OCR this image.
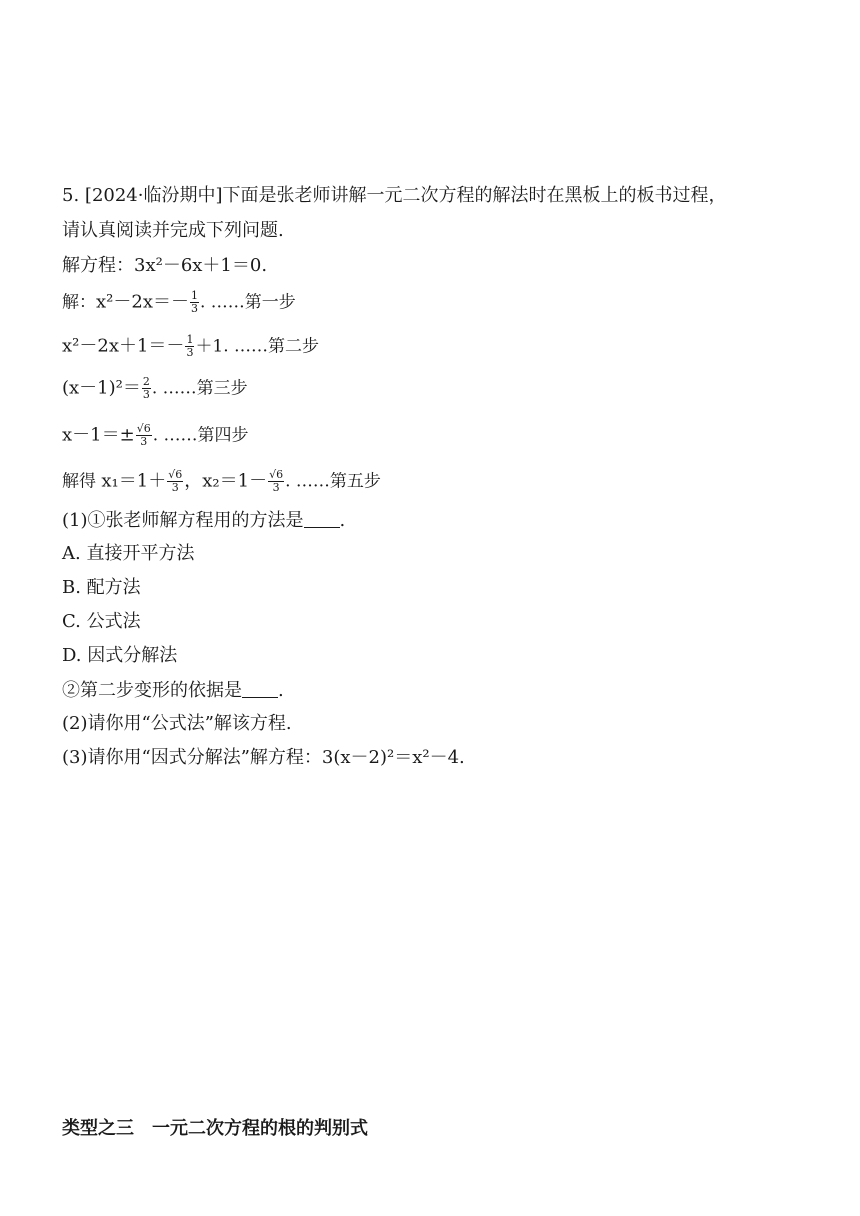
5. [2024·临汾期中]下面是张老师讲解一元二次方程的解法时在黑板上的板书过程，
请认真阅读并完成下列问题.
解方程：3x²－6x＋1＝0.
解：$x^2-2x=- \frac{1}{3}$ . ……第一步
$x^2-2x+1=- \frac{1}{3} +1$. ……第二步
$(x-1)^2= \frac{2}{3}$ . ……第三步
$x-1=\pm \frac{√6}{3}$ . ……第四步
解得 $x_1=1+ \frac{√6}{3}$ ，$x_2=1- \frac{√6}{3}$ . ……第五步
(1)①张老师解方程用的方法是 .
A. 直接开平方法
B. 配方法
C. 公式法
D. 因式分解法
②第二步变形的依据是 .
(2)请你用“公式法”解该方程.
(3)请你用“因式分解法”解方程：3(x－2)²＝x²－4.
类型之三　一元二次方程的根的判别式
